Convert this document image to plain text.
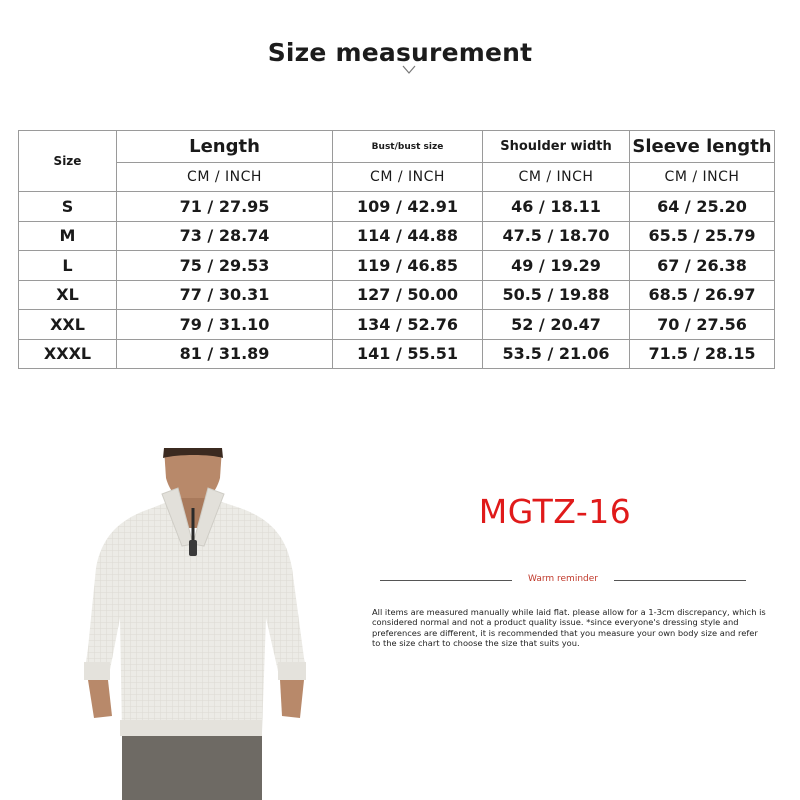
Size measurement
Size	Length	Bust/bust size	Shoulder width	Sleeve length
	CM / INCH	CM / INCH	CM / INCH	CM / INCH
S	71 / 27.95	109 / 42.91	46 / 18.11	64 / 25.20
M	73 / 28.74	114 / 44.88	47.5 / 18.70	65.5 / 25.79
L	75 / 29.53	119 / 46.85	49 / 19.29	67 / 26.38
XL	77 / 30.31	127 / 50.00	50.5 / 19.88	68.5 / 26.97
XXL	79 / 31.10	134 / 52.76	52 / 20.47	70 / 27.56
XXXL	81 / 31.89	141 / 55.51	53.5 / 21.06	71.5 / 28.15
MGTZ-16
Warm reminder
All items are measured manually while laid flat. please allow for a 1-3cm discrepancy, which is considered normal and not a product quality issue. *since everyone's dressing style and preferences are different, it is recommended that you measure your own body size and refer to the size chart to choose the size that suits you.
